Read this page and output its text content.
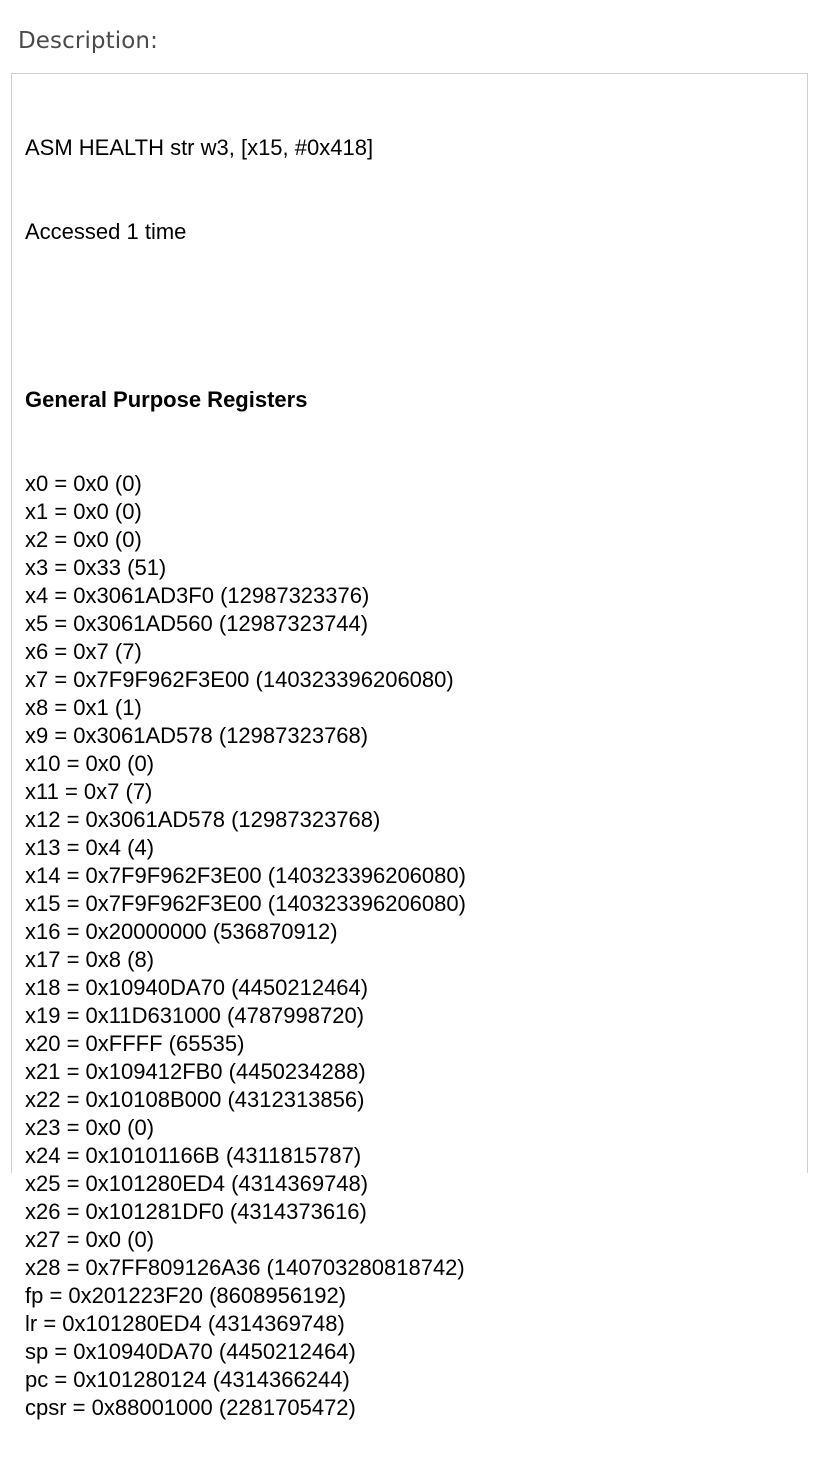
Description:

ASM HEALTH str w3, [x15, #0x418]

Accessed 1 time

General Purpose Registers

x0 = 0x0 (0)
x1 = 0x0 (0)
x2 = 0x0 (0)
x3 = 0x33 (51)
x4 = 0x3061AD3F0 (12987323376)
x5 = 0x3061AD560 (12987323744)
x6 = 0x7 (7)
x7 = 0x7F9F962F3E00 (140323396206080)
x8 = 0x1 (1)
x9 = 0x3061AD578 (12987323768)
x10 = 0x0 (0)
x11 = 0x7 (7)
x12 = 0x3061AD578 (12987323768)
x13 = 0x4 (4)
x14 = 0x7F9F962F3E00 (140323396206080)
x15 = 0x7F9F962F3E00 (140323396206080)
x16 = 0x20000000 (536870912)
x17 = 0x8 (8)
x18 = 0x10940DA70 (4450212464)
x19 = 0x11D631000 (4787998720)
x20 = 0xFFFF (65535)
x21 = 0x109412FB0 (4450234288)
x22 = 0x10108B000 (4312313856)
x23 = 0x0 (0)
x24 = 0x10101166B (4311815787)
x25 = 0x101280ED4 (4314369748)
x26 = 0x101281DF0 (4314373616)
x27 = 0x0 (0)
x28 = 0x7FF809126A36 (140703280818742)
fp = 0x201223F20 (8608956192)
lr = 0x101280ED4 (4314369748)
sp = 0x10940DA70 (4450212464)
pc = 0x101280124 (4314366244)
cpsr = 0x88001000 (2281705472)
